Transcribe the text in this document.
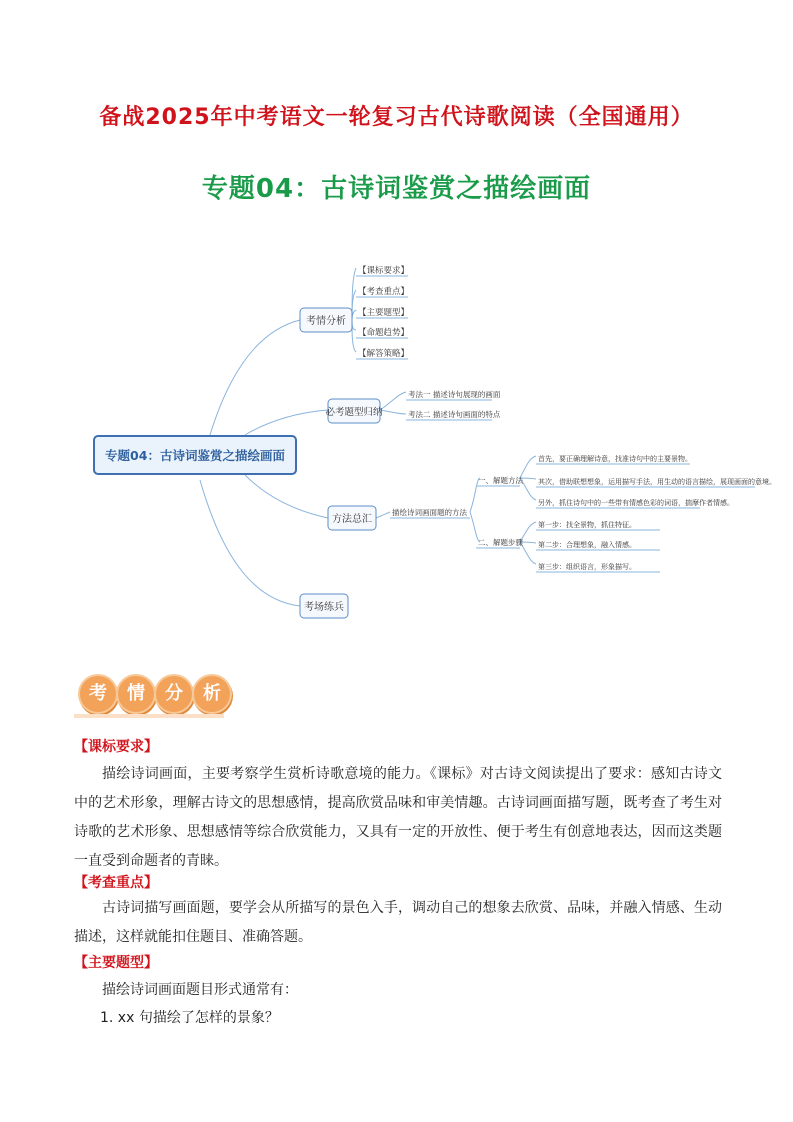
备战2025年中考语文一轮复习古代诗歌阅读（全国通用）
专题04：古诗词鉴赏之描绘画面
专题04：古诗词鉴赏之描绘画面
考情分析
必考题型归纳
方法总汇
考场练兵
【课标要求】
【考查重点】
【主要题型】
【命题趋势】
【解答策略】
考法一 描述诗句展现的画面
考法二 描述诗句画面的特点
描绘诗词画面题的方法
一、解题方法
二、解题步骤
首先，要正确理解诗意，找准诗句中的主要景物。
其次，借助联想想象，运用描写手法，用生动的语言描绘，展现画面的意境。
另外，抓住诗句中的一些带有情感色彩的词语，揣摩作者情感。
第一步：找全景物，抓住特征。
第二步：合理想象，融入情感。
第三步：组织语言，形象描写。
考	情	分	析
【课标要求】
描绘诗词画面，主要考察学生赏析诗歌意境的能力。《课标》对古诗文阅读提出了要求：感知古诗文中的艺术形象，理解古诗文的思想感情，提高欣赏品味和审美情趣。古诗词画面描写题，既考查了考生对诗歌的艺术形象、思想感情等综合欣赏能力，又具有一定的开放性、便于考生有创意地表达，因而这类题一直受到命题者的青睐。
【考查重点】
古诗词描写画面题，要学会从所描写的景色入手，调动自己的想象去欣赏、品味，并融入情感、生动描述，这样就能扣住题目、准确答题。
【主要题型】
描绘诗词画面题目形式通常有：
1. xx 句描绘了怎样的景象？
